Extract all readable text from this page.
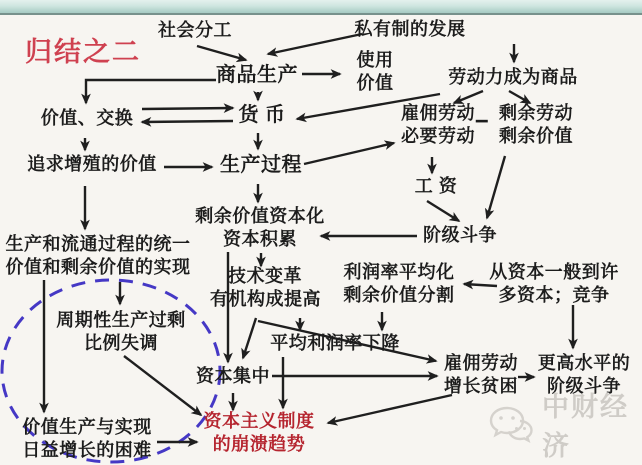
归结之二
社会分工	私有制的发展
商品生产
使用
价值	劳动力成为商品
价值、交换	货 币	雇佣劳动
必要劳动
− 剩余劳动
剩余价值
追求增殖的价值	生产过程
工 资
剩余价值资本化
资本积累	阶级斗争
生产和流通过程的统一
价值和剩余价值的实现	技术变革
有机构成提高
利润率平均化
剩余价值分割
从资本一般到许
多资本；竞争
周期性生产过剩
比例失调	平均利润率下降
资本集中
雇佣劳动
增长贫困
更高水平的
阶级斗争
价值生产与实现
日益增长的困难
资本主义制度
的崩溃趋势
中财经济
